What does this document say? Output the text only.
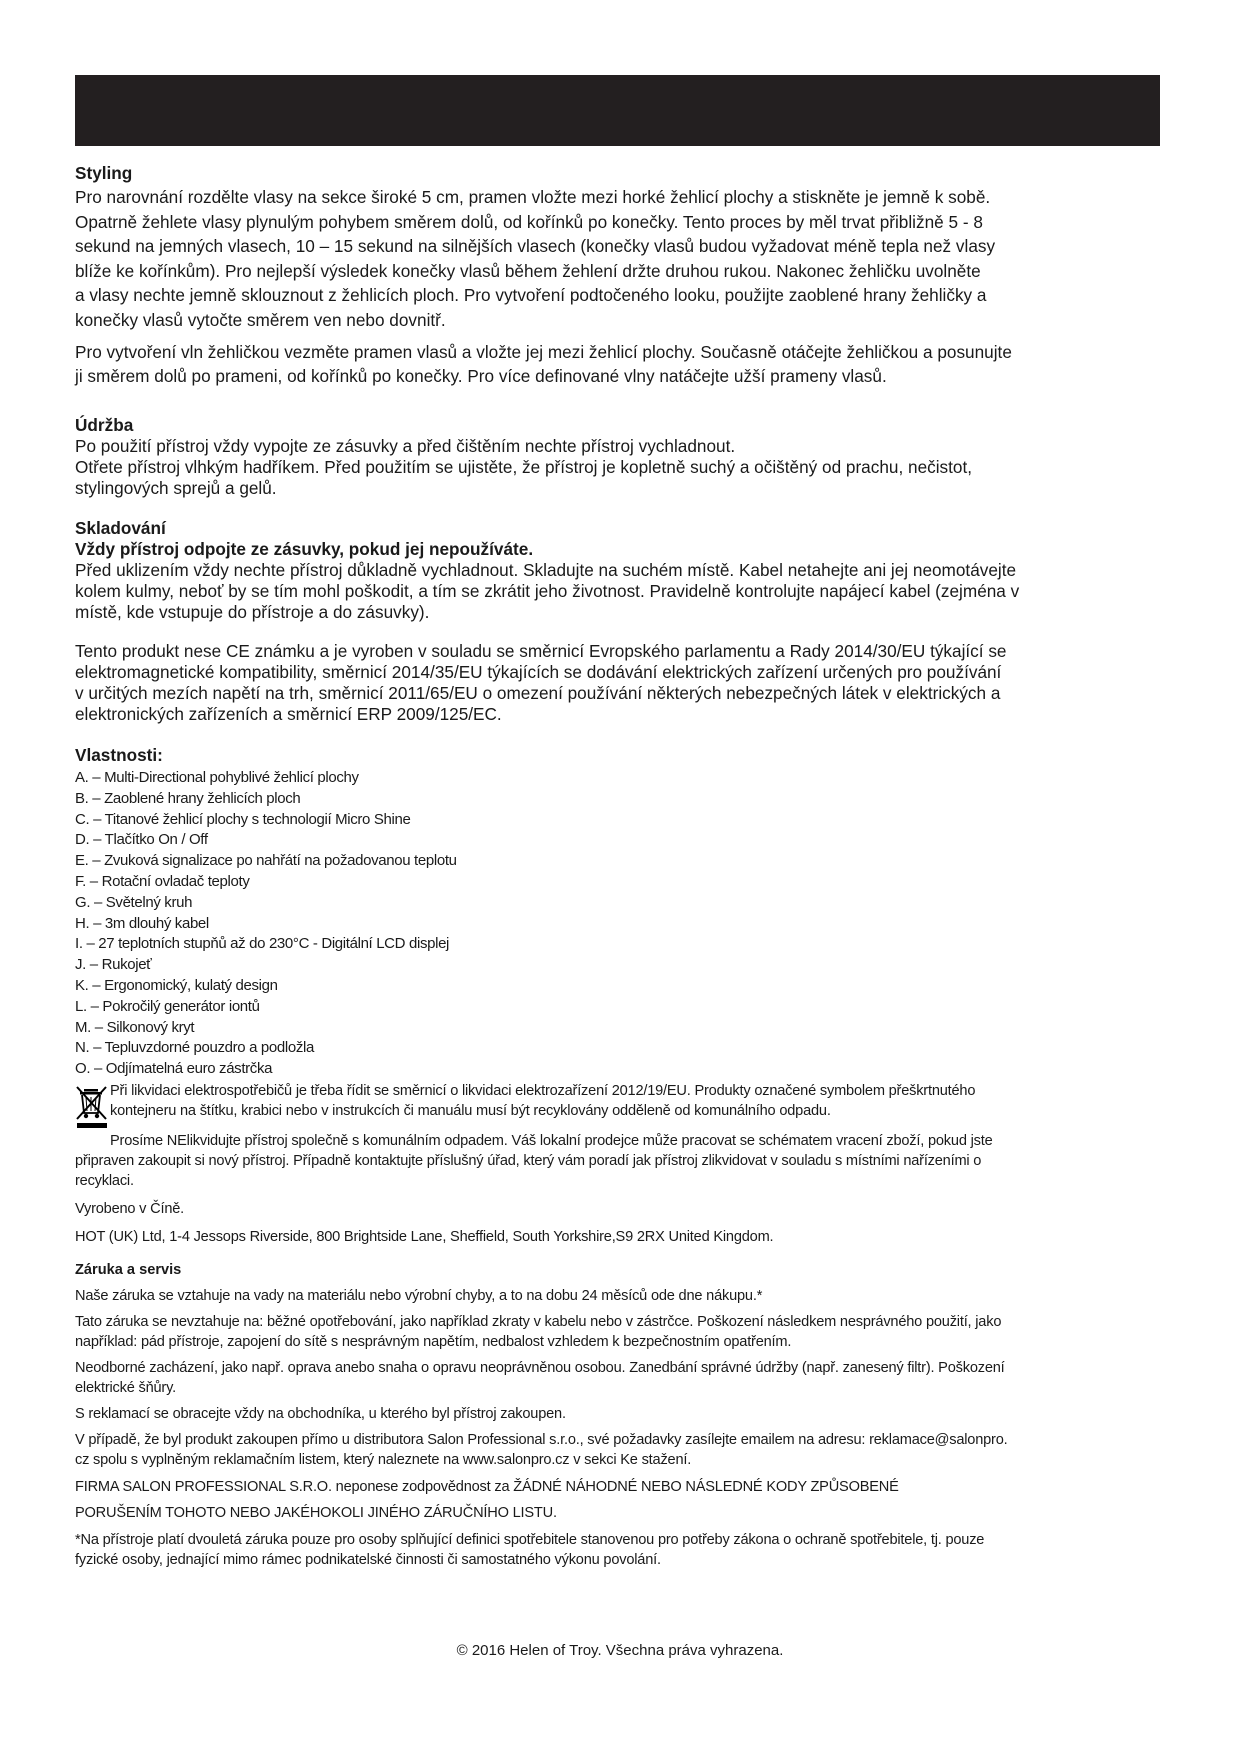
Styling

Pro narovnání rozdělte vlasy na sekce široké 5 cm, pramen vložte mezi horké žehlicí plochy a stiskněte je jemně k sobě.

Opatrně žehlete vlasy plynulým pohybem směrem dolů, od kořínků po konečky. Tento proces by měl trvat přibližně 5 - 8

sekund na jemných vlasech, 10 – 15 sekund na silnějších vlasech (konečky vlasů budou vyžadovat méně tepla než vlasy

blíže ke kořínkům). Pro nejlepší výsledek konečky vlasů během žehlení držte druhou rukou. Nakonec žehličku uvolněte

a vlasy nechte jemně sklouznout z žehlicích ploch. Pro vytvoření podtočeného looku, použijte zaoblené hrany žehličky a

konečky vlasů vytočte směrem ven nebo dovnitř.

Pro vytvoření vln žehličkou vezměte pramen vlasů a vložte jej mezi žehlicí plochy. Současně otáčejte žehličkou a posunujte

ji směrem dolů po prameni, od kořínků po konečky. Pro více definované vlny natáčejte užší prameny vlasů.

Údržba

Po použití přístroj vždy vypojte ze zásuvky a před čištěním nechte přístroj vychladnout.

Otřete přístroj vlhkým hadříkem. Před použitím se ujistěte, že přístroj je kopletně suchý a očištěný od prachu, nečistot,

stylingových sprejů a gelů.

Skladování

Vždy přístroj odpojte ze zásuvky, pokud jej nepoužíváte.

Před uklizením vždy nechte přístroj důkladně vychladnout. Skladujte na suchém místě. Kabel netahejte ani jej neomotávejte

kolem kulmy, neboť by se tím mohl poškodit, a tím se zkrátit jeho životnost. Pravidelně kontrolujte napájecí kabel (zejména v

místě, kde vstupuje do přístroje a do zásuvky).

Tento produkt nese CE známku a je vyroben v souladu se směrnicí Evropského parlamentu a Rady 2014/30/EU týkající se

elektromagnetické kompatibility, směrnicí 2014/35/EU týkajících se dodávání elektrických zařízení určených pro používání

v určitých mezích napětí na trh, směrnicí 2011/65/EU o omezení používání některých nebezpečných látek v elektrických a

elektronických zařízeních a směrnicí ERP 2009/125/EC.

Vlastnosti:

A. – Multi-Directional pohyblivé žehlicí plochy

B. – Zaoblené hrany žehlicích ploch

C. – Titanové žehlicí plochy s technologií Micro Shine

D. – Tlačítko On / Off

E. – Zvuková signalizace po nahřátí na požadovanou teplotu

F. – Rotační ovladač teploty

G. – Světelný kruh

H. – 3m dlouhý kabel

I. – 27 teplotních stupňů až do 230°C - Digitální LCD displej

J. – Rukojeť

K. – Ergonomický, kulatý design

L. – Pokročilý generátor iontů

M. – Silkonový kryt

N. – Tepluvzdorné pouzdro a podložla

O. – Odjímatelná euro zástrčka

Při likvidaci elektrospotřebičů je třeba řídit se směrnicí o likvidaci elektrozařízení 2012/19/EU. Produkty označené symbolem přeškrtnutého

kontejneru na štítku, krabici nebo v instrukcích či manuálu musí být recyklovány odděleně od komunálního odpadu.

Prosíme NElikvidujte přístroj společně s komunálním odpadem. Váš lokalní prodejce může pracovat se schématem vracení zboží, pokud jste

připraven zakoupit si nový přístroj. Případně kontaktujte příslušný úřad, který vám poradí jak přístroj zlikvidovat v souladu s místními nařízeními o

recyklaci.

Vyrobeno v Číně.

HOT (UK) Ltd, 1-4 Jessops Riverside, 800 Brightside Lane, Sheffield, South Yorkshire,S9 2RX United Kingdom.

Záruka a servis

Naše záruka se vztahuje na vady na materiálu nebo výrobní chyby, a to na dobu 24 měsíců ode dne nákupu.*

Tato záruka se nevztahuje na: běžné opotřebování, jako například zkraty v kabelu nebo v zástrčce. Poškození následkem nesprávného použití, jako

například: pád přístroje, zapojení do sítě s nesprávným napětím, nedbalost vzhledem k bezpečnostním opatřením.

Neodborné zacházení, jako např. oprava anebo snaha o opravu neoprávněnou osobou. Zanedbání správné údržby (např. zanesený filtr). Poškození

elektrické šňůry.

S reklamací se obracejte vždy na obchodníka, u kterého byl přístroj zakoupen.

V případě, že byl produkt zakoupen přímo u distributora Salon Professional s.r.o., své požadavky zasílejte emailem na adresu: reklamace@salonpro.

cz spolu s vyplněným reklamačním listem, který naleznete na www.salonpro.cz v sekci Ke stažení.

FIRMA SALON PROFESSIONAL S.R.O. neponese zodpovědnost za ŽÁDNÉ NÁHODNÉ NEBO NÁSLEDNÉ KODY ZPŮSOBENÉ

PORUŠENÍM TOHOTO NEBO JAKÉHOKOLI JINÉHO ZÁRUČNÍHO LISTU.

*Na přístroje platí dvouletá záruka pouze pro osoby splňující definici spotřebitele stanovenou pro potřeby zákona o ochraně spotřebitele, tj. pouze

fyzické osoby, jednající mimo rámec podnikatelské činnosti či samostatného výkonu povolání.

© 2016 Helen of Troy. Všechna práva vyhrazena.
